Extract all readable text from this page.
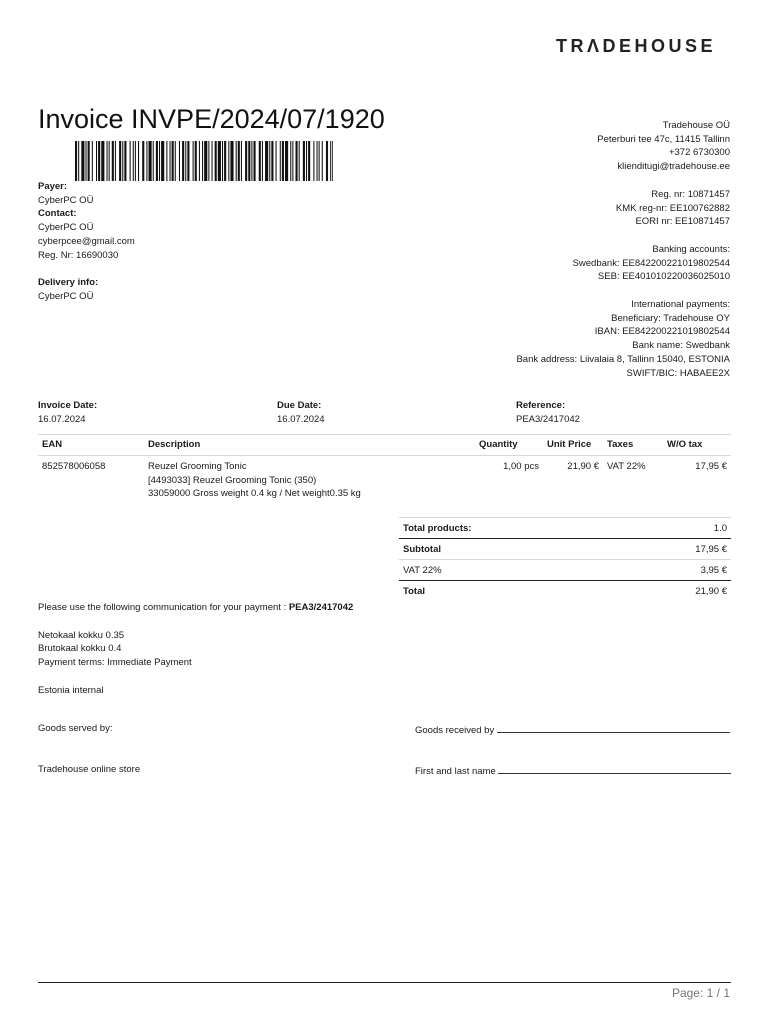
TRΛDEHOUSE
Invoice INVPE/2024/07/1920	Tradehouse OÜ
Peterburi tee 47c, 11415 Tallinn
+372 6730300
klienditugi@tradehouse.ee
Reg. nr: 10871457
KMK reg-nr: EE100762882
EORI nr: EE10871457
Banking accounts:
Swedbank: EE842200221019802544
SEB: EE401010220036025010
International payments:
Beneficiary: Tradehouse OY
IBAN: EE842200221019802544
Bank name: Swedbank
Bank address: Liivalaia 8, Tallinn 15040, ESTONIA
SWIFT/BIC: HABAEE2X
Payer:
CyberPC OÜ
Contact:
CyberPC OÜ
cyberpcee@gmail.com
Reg. Nr: 16690030
Delivery info:
CyberPC OÜ
Invoice Date:
16.07.2024
Due Date:
16.07.2024
Reference:
PEA3/2417042
EAN	Description	Quantity	Unit Price	Taxes	W/O tax
852578006058	Reuzel Grooming Tonic
[4493033] Reuzel Grooming Tonic (350)
33059000 Gross weight 0.4 kg / Net weight0.35 kg	1,00 pcs	21,90 €	VAT 22%	17,95 €
Total products:	1.0
Subtotal	17,95 €
VAT 22%	3,95 €
Total	21,90 €
Please use the following communication for your payment : PEA3/2417042
Netokaal kokku 0.35
Brutokaal kokku 0.4
Payment terms: Immediate Payment
Estonia internal
Goods served by:	Goods received by
Tradehouse online store	First and last name
Page: 1 / 1
